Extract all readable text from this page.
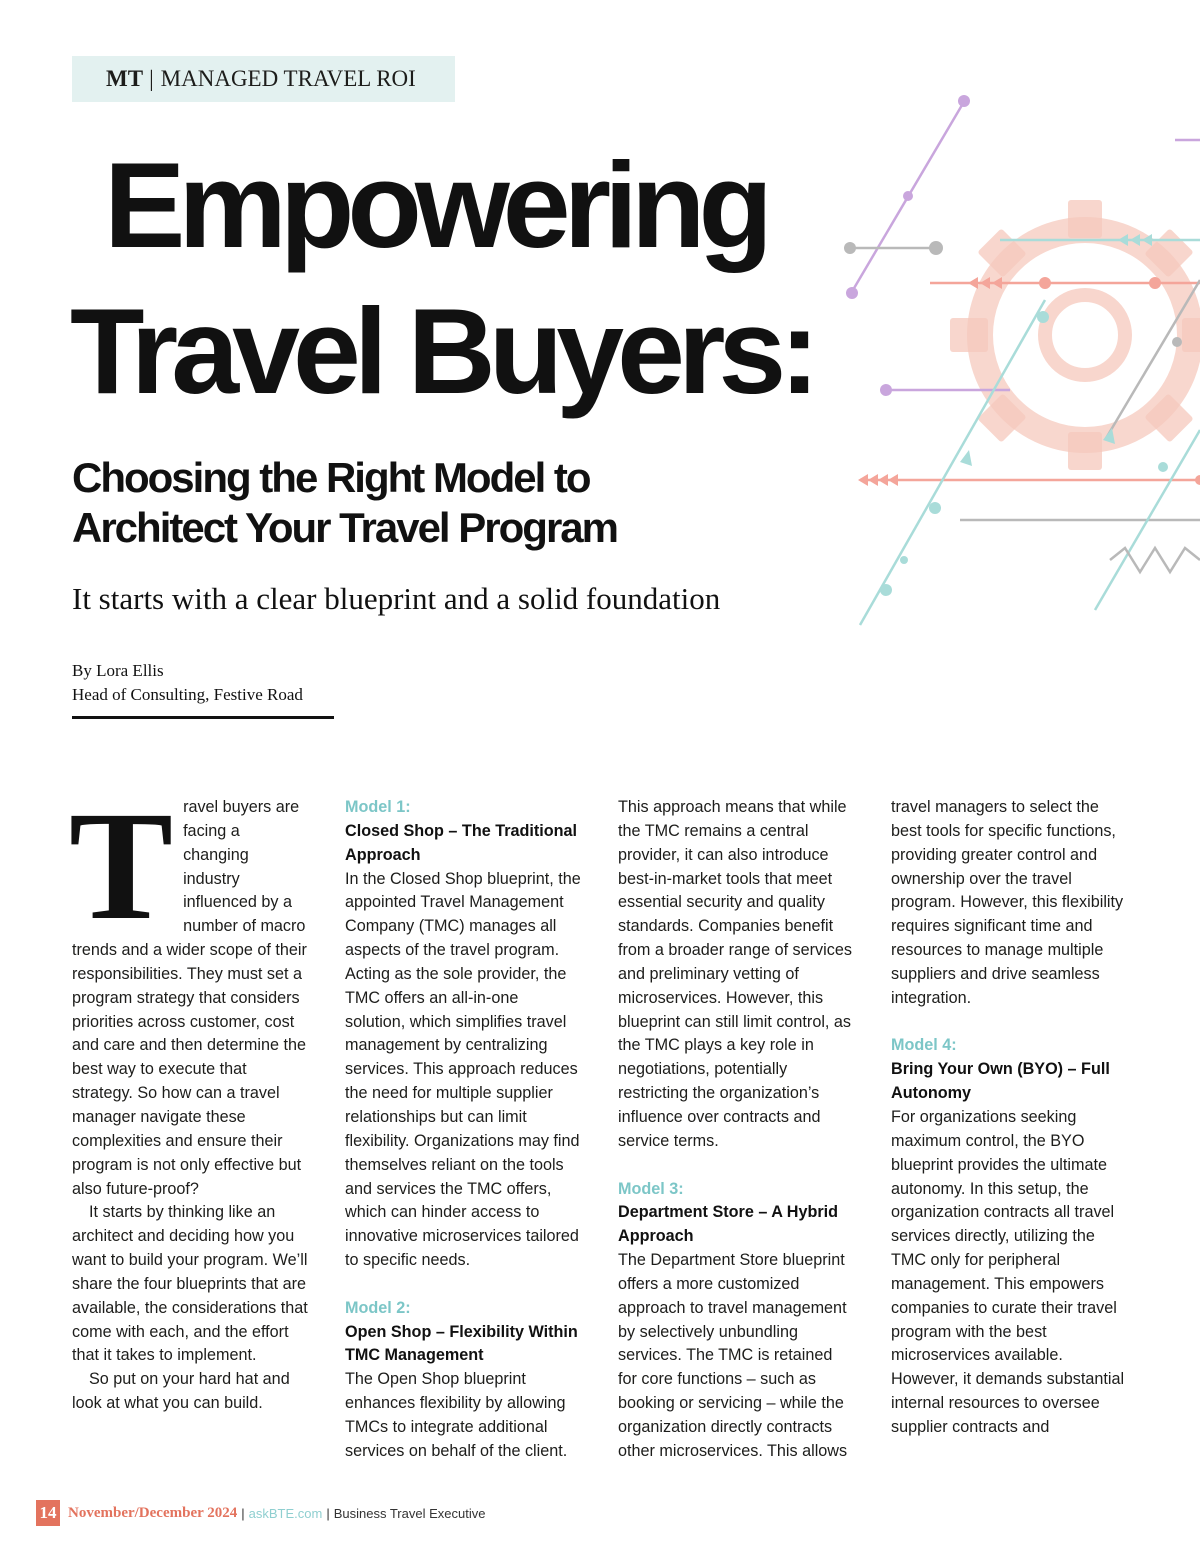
MT | MANAGED TRAVEL ROI
Empowering
Travel Buyers:
Choosing the Right Model to
Architect Your Travel Program

It starts with a clear blueprint and a solid foundation

By Lora Ellis
Head of Consulting, Festive Road
T ravel buyers are facing a changing industry influenced by a number of macro trends and a wider scope of their responsibilities. They must set a program strategy that considers priorities across customer, cost and care and then determine the best way to execute that strategy. So how can a travel manager navigate these complexities and ensure their program is not only effective but also future-proof?

It starts by thinking like an architect and deciding how you want to build your program. We’ll share the four blueprints that are available, the considerations that come with each, and the effort that it takes to implement.

So put on your hard hat and look at what you can build.

Model 1:

Closed Shop – The Traditional Approach

In the Closed Shop blueprint, the appointed Travel Management Company (TMC) manages all aspects of the travel program. Acting as the sole provider, the TMC offers an all-in-one solution, which simplifies travel management by centralizing services. This approach reduces the need for multiple supplier relationships but can limit flexibility. Organizations may find themselves reliant on the tools and services the TMC offers, which can hinder access to innovative microservices tailored to specific needs.

Model 2:

Open Shop – Flexibility Within TMC Management

The Open Shop blueprint enhances flexibility by allowing TMCs to integrate additional services on behalf of the client.

This approach means that while the TMC remains a central provider, it can also introduce best-in-market tools that meet essential security and quality standards. Companies benefit from a broader range of services and preliminary vetting of microservices. However, this blueprint can still limit control, as the TMC plays a key role in negotiations, potentially restricting the organization’s influence over contracts and service terms.

Model 3:

Department Store – A Hybrid Approach

The Department Store blueprint offers a more customized approach to travel management by selectively unbundling services. The TMC is retained for core functions – such as booking or servicing – while the organization directly contracts other microservices. This allows

travel managers to select the best tools for specific functions, providing greater control and ownership over the travel program. However, this flexibility requires significant time and resources to manage multiple suppliers and drive seamless integration.

Model 4:

Bring Your Own (BYO) – Full Autonomy

For organizations seeking maximum control, the BYO blueprint provides the ultimate autonomy. In this setup, the organization contracts all travel services directly, utilizing the TMC only for peripheral management. This empowers companies to curate their travel program with the best microservices available. However, it demands substantial internal resources to oversee supplier contracts and

14 November/December 2024 | askBTE.com | Business Travel Executive
